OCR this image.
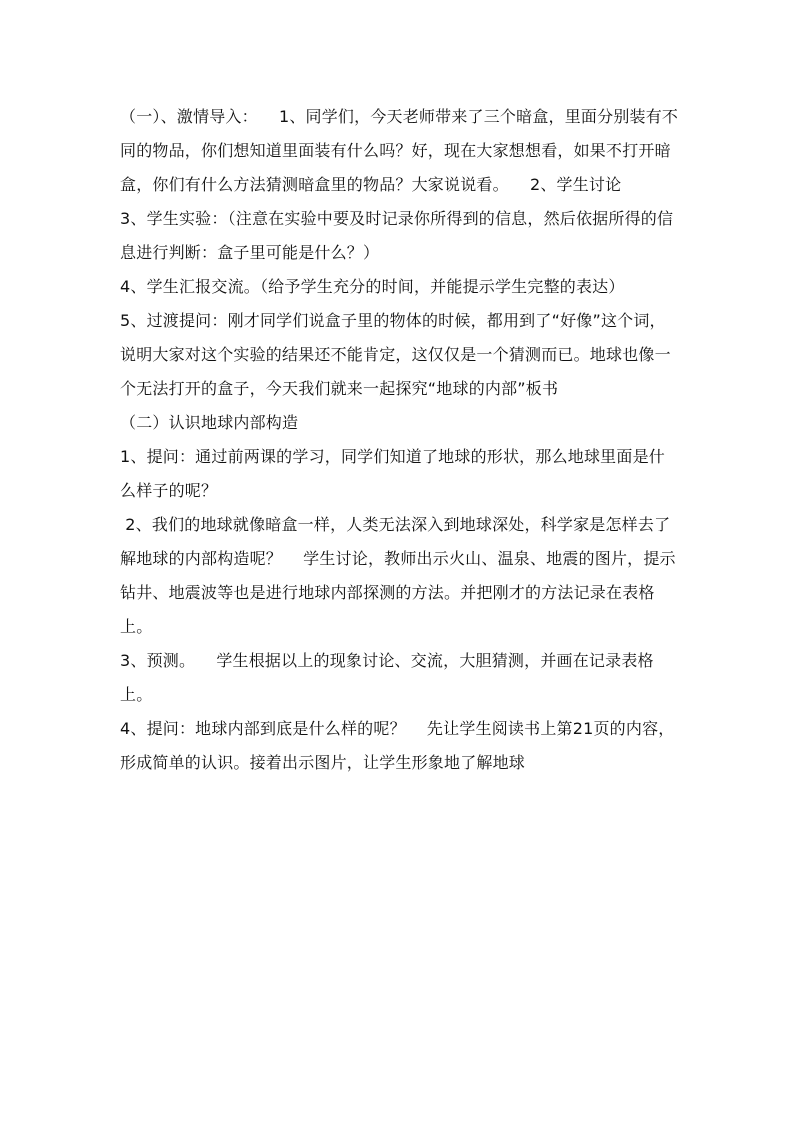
（一）、激情导入：    1、同学们，今天老师带来了三个暗盒，里面分别装有不同的物品，你们想知道里面装有什么吗？好，现在大家想想看，如果不打开暗盒，你们有什么方法猜测暗盒里的物品？大家说说看。    2、学生讨论

3、学生实验：（注意在实验中要及时记录你所得到的信息，然后依据所得的信息进行判断：盒子里可能是什么？）

4、学生汇报交流。（给予学生充分的时间，并能提示学生完整的表达）

5、过渡提问：刚才同学们说盒子里的物体的时候，都用到了“好像”这个词，说明大家对这个实验的结果还不能肯定，这仅仅是一个猜测而已。地球也像一个无法打开的盒子，今天我们就来一起探究“地球的内部”板书

（二）认识地球内部构造

1、提问：通过前两课的学习，同学们知道了地球的形状，那么地球里面是什么样子的呢？

2、我们的地球就像暗盒一样，人类无法深入到地球深处，科学家是怎样去了解地球的内部构造呢？    学生讨论，教师出示火山、温泉、地震的图片，提示钻井、地震波等也是进行地球内部探测的方法。并把刚才的方法记录在表格上。

3、预测。    学生根据以上的现象讨论、交流，大胆猜测，并画在记录表格上。

4、提问：地球内部到底是什么样的呢？    先让学生阅读书上第21页的内容，形成简单的认识。接着出示图片，让学生形象地了解地球
